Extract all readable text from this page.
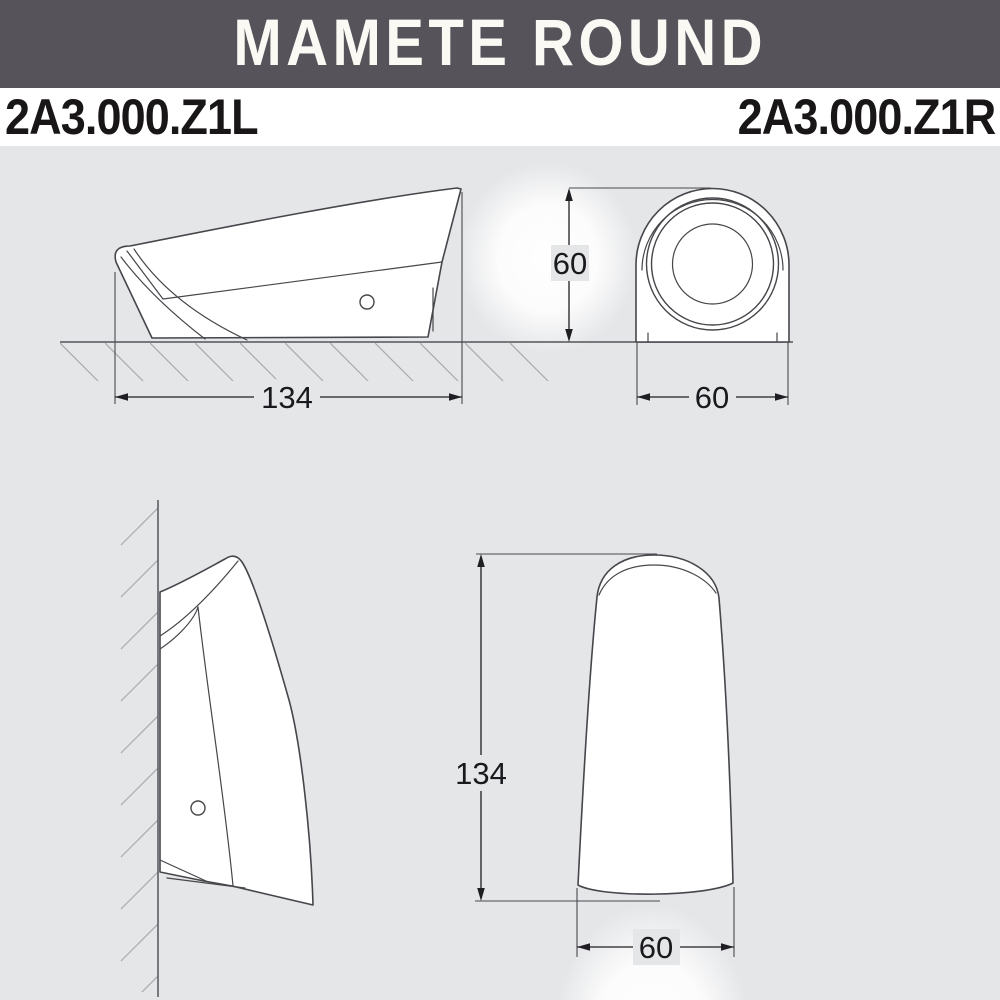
MAMETE ROUND
2A3.000.Z1L	2A3.000.Z1R
134
60
60
134
60
